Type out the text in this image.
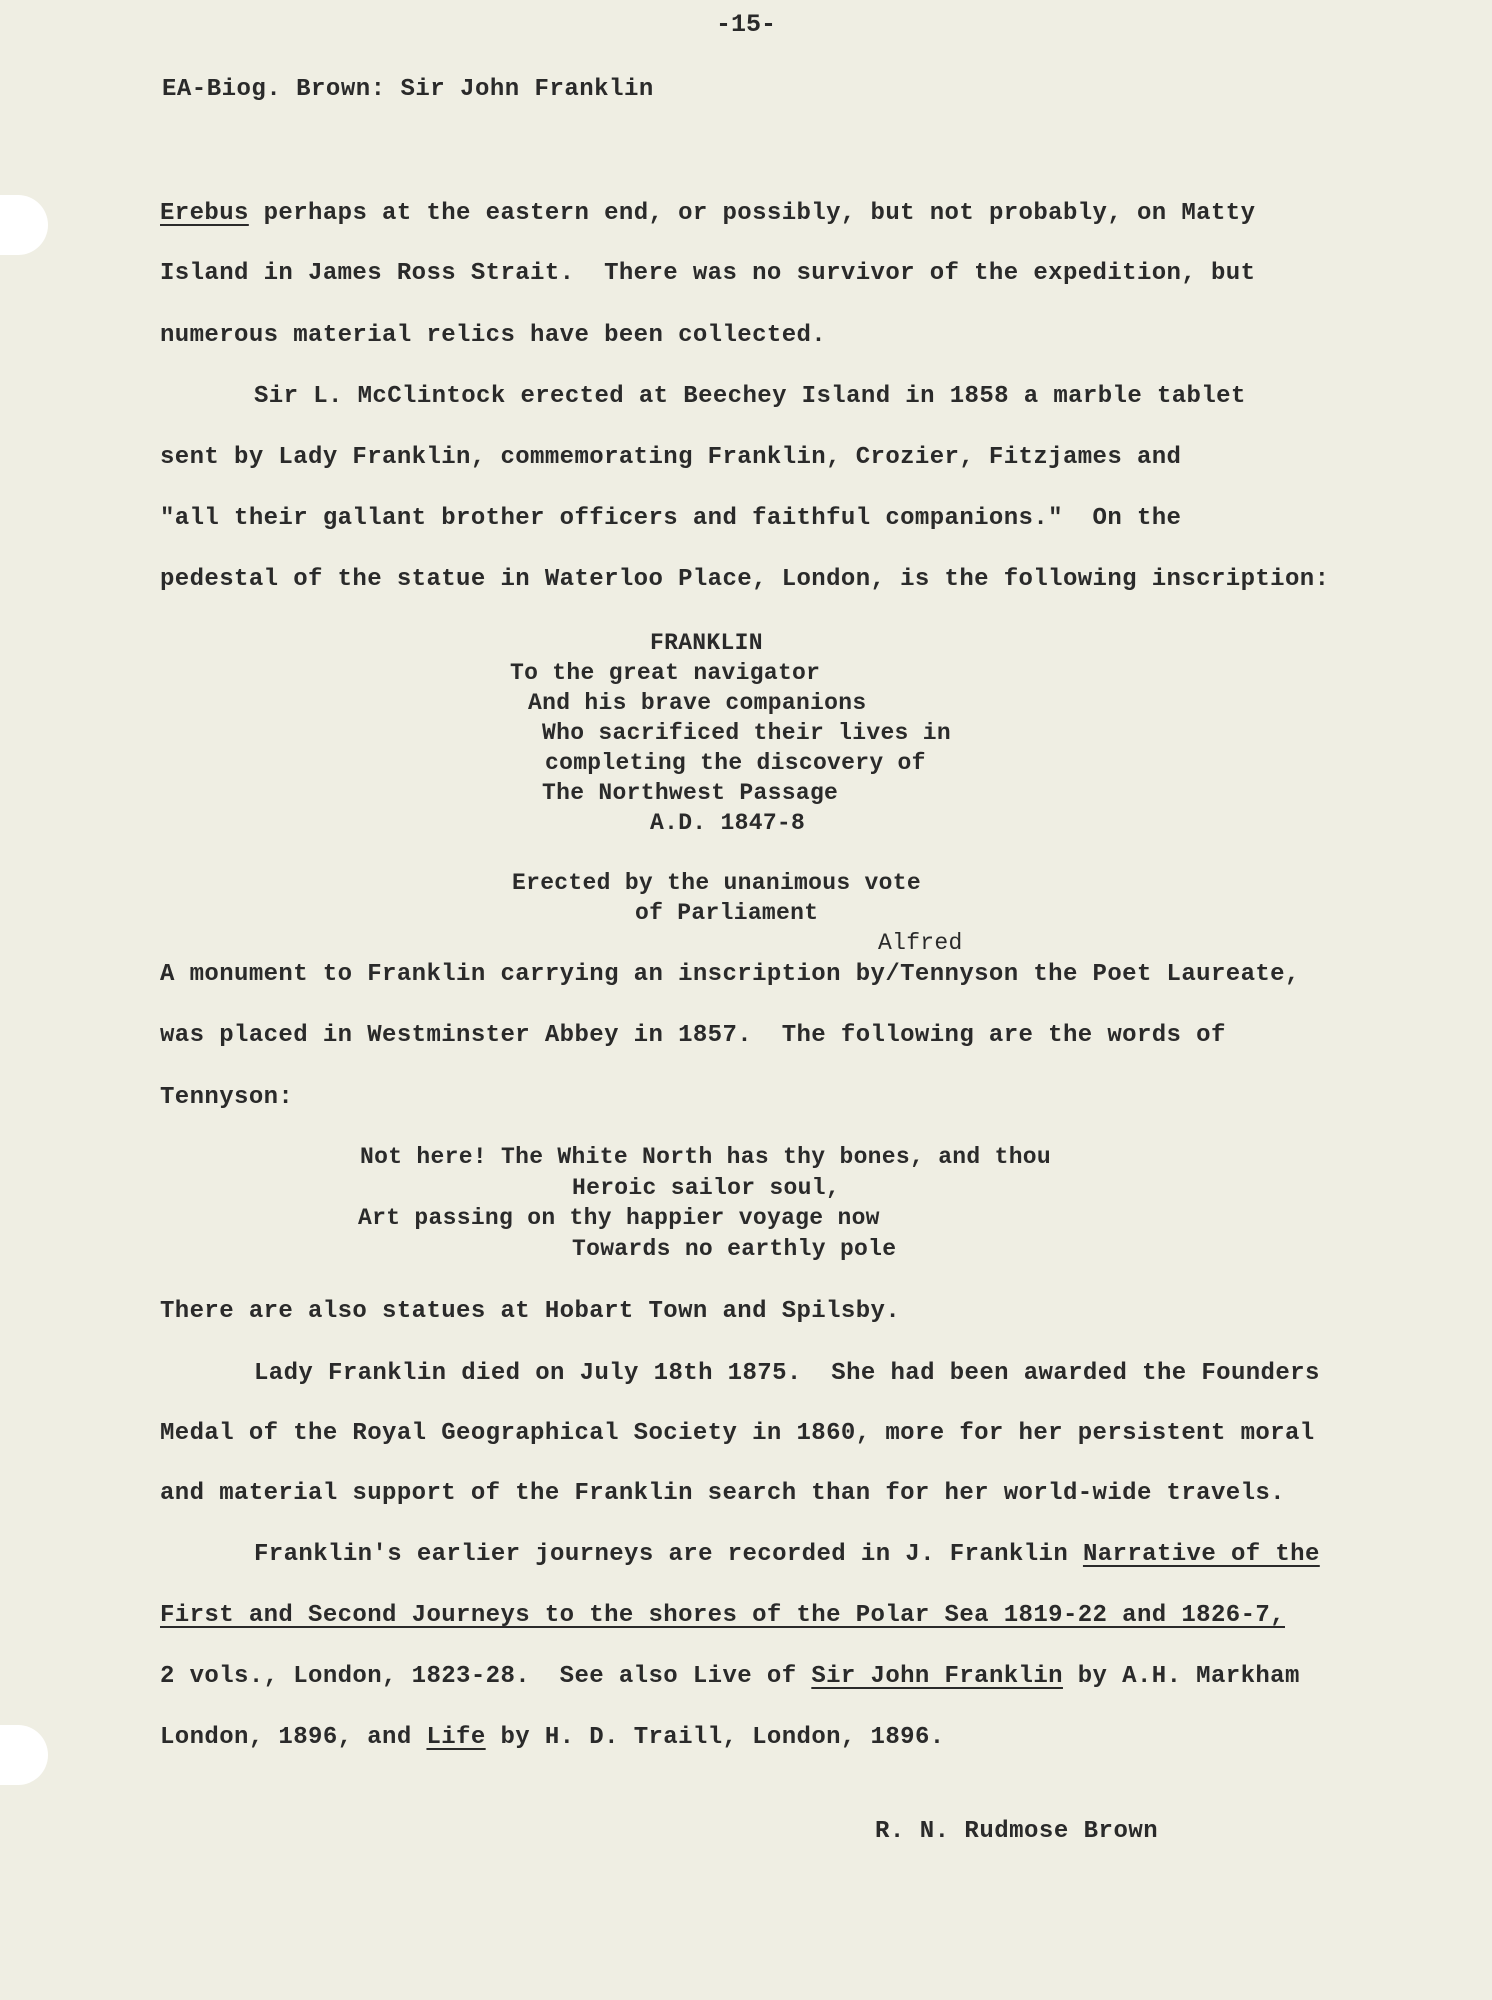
-15-
EA-Biog. Brown: Sir John Franklin
Erebus perhaps at the eastern end, or possibly, but not probably, on Matty
Island in James Ross Strait.  There was no survivor of the expedition, but
numerous material relics have been collected.
Sir L. McClintock erected at Beechey Island in 1858 a marble tablet
sent by Lady Franklin, commemorating Franklin, Crozier, Fitzjames and
"all their gallant brother officers and faithful companions."  On the
pedestal of the statue in Waterloo Place, London, is the following inscription:
FRANKLIN
To the great navigator
And his brave companions
Who sacrificed their lives in
completing the discovery of
The Northwest Passage
A.D. 1847-8
Erected by the unanimous vote
of Parliament
Alfred
A monument to Franklin carrying an inscription by/Tennyson the Poet Laureate,
was placed in Westminster Abbey in 1857.  The following are the words of
Tennyson:
Not here! The White North has thy bones, and thou
Heroic sailor soul,
Art passing on thy happier voyage now
Towards no earthly pole
There are also statues at Hobart Town and Spilsby.
Lady Franklin died on July 18th 1875.  She had been awarded the Founders
Medal of the Royal Geographical Society in 1860, more for her persistent moral
and material support of the Franklin search than for her world-wide travels.
Franklin's earlier journeys are recorded in J. Franklin Narrative of the
First and Second Journeys to the shores of the Polar Sea 1819-22 and 1826-7,
2 vols., London, 1823-28.  See also Live of Sir John Franklin by A.H. Markham
London, 1896, and Life by H. D. Traill, London, 1896.
R. N. Rudmose Brown
